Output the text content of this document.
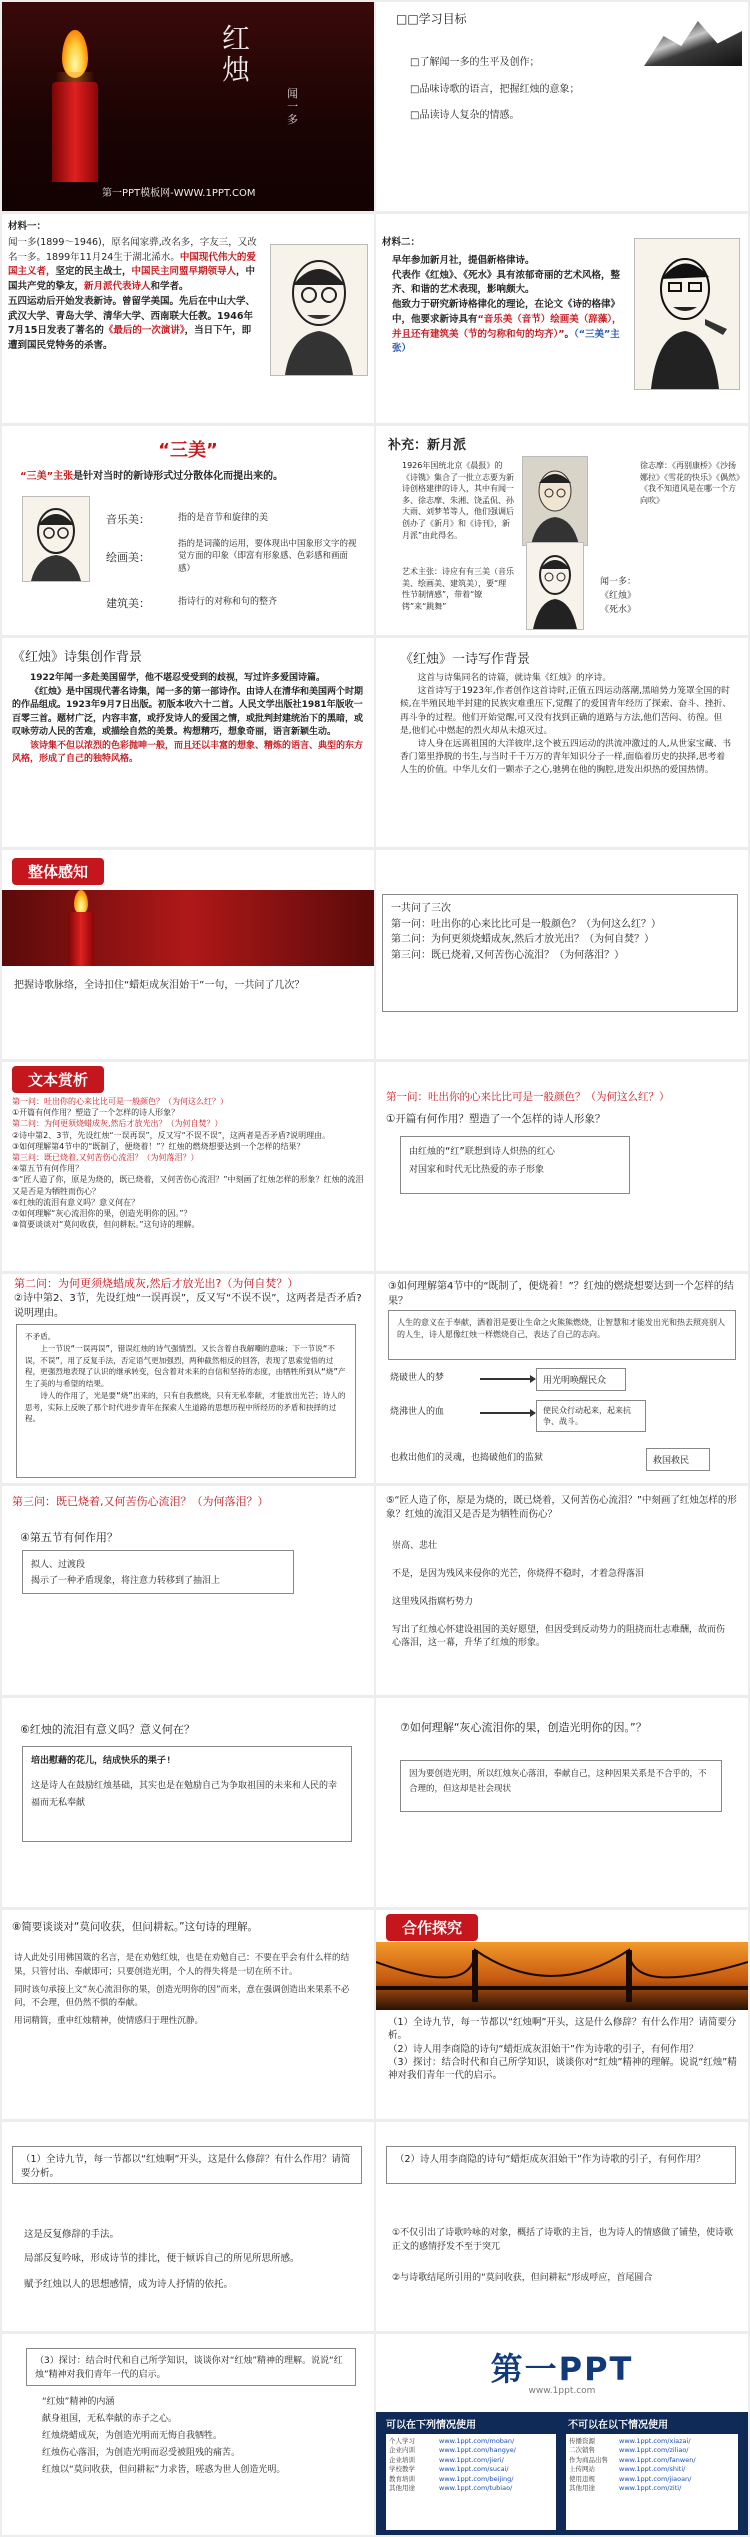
红烛
闻一多
第一PPT模板网-WWW.1PPT.COM
□□学习目标
□了解闻一多的生平及创作；
□品味诗歌的语言，把握红烛的意象；
□品读诗人复杂的情感。
材料一：
闻一多(1899～1946)，原名闻家骅,改名多，字友三，又改名一多。1899年11月24生于湖北浠水。中国现代伟大的爱国主义者，坚定的民主战士，中国民主同盟早期领导人，中国共产党的挚友，新月派代表诗人和学者。
五四运动后开始发表新诗。曾留学美国。先后在中山大学、武汉大学、青岛大学、清华大学、西南联大任教。1946年7月15日发表了著名的《最后的一次演讲》，当日下午，即遭到国民党特务的杀害。
材料二：
早年参加新月社，提倡新格律诗。
代表作《红烛》、《死水》具有浓郁奇丽的艺术风格，整齐、和谐的艺术表现，影响颇大。
他致力于研究新诗格律化的理论，在论文《诗的格律》中，他要求新诗具有“音乐美（音节）绘画美（辞藻），并且还有建筑美（节的匀称和句的均齐）”。（“三美”主张）
聞一多全集
“三美”
“三美”主张是针对当时的新诗形式过分散体化而提出来的。
音乐美：	指的是音节和旋律的美
绘画美：
指的是词藻的运用，要体现出中国象形文字的视觉方面的印象（即富有形象感、色彩感和画面感）
建筑美：	指诗行的对称和句的整齐
补充：新月派
1926年国统北京《晨报》的《诗镌》集合了一批立志要为新诗创格建律的诗人，其中有闻一多、徐志摩、朱湘、饶孟侃、孙大雨、刘梦苇等人，他们强调后创办了《新月》和《诗刊》，新月派”由此得名。
艺术主张：诗应有有三美（音乐美、绘画美、建筑美），要“理性节制情感”，带着“镣铐”来“跳舞”
徐志摩：《再别康桥》《沙扬娜拉》《雪花的快乐》《偶然》《我不知道风是在哪一个方向吹》
闻一多：
《红烛》
《死水》
《红烛》诗集创作背景
1922年闻一多赴美国留学，他不堪忍受受到的歧视，写过许多爱国诗篇。
《红烛》是中国现代著名诗集，闻一多的第一部诗作。由诗人在清华和美国两个时期的作品组成。1923年9月7日出版。初版本收六十二首。人民文学出版社1981年版收一百零三首。题材广泛，内容丰富，或抒发诗人的爱国之情，或批判封建统治下的黑暗，或叹咏劳动人民的苦难，或描绘自然的美景。构想精巧，想象奇丽，语言新颖生动。
该诗集不但以浓烈的色彩抛呻一般，而且还以丰富的想象、精炼的语言、典型的东方风格，形成了自己的独特风格。
《红烛》一诗写作背景
这首与诗集同名的诗篇，就诗集《红烛》的序诗。
这首诗写于1923年,作者创作这首诗时,正值五四运动落潮,黑暗势力笼罩全国的时候,在半殖民地半封建的民族灾难重压下,觉醒了的爱国青年经历了探索、奋斗、挫折、再斗争的过程。他们开始觉醒,可又没有找到正确的道路与方法,他们苦闷、彷徨。但是,他们心中燃起的烈火却从未熄灭过。
诗人身在远离祖国的大洋彼岸,这个被五四运动的洪流冲激过的人,从世家宝藏、书香门第里挣脱的书生,与当时千千万万的青年知识分子一样,面临着历史的抉择,思考着人生的价值。中华儿女们一颗赤子之心,驰骋在他的胸腔,进发出炽热的爱国热情。
整体感知
把握诗歌脉络，全诗扣住“蜡炬成灰泪始干”一句，一共问了几次？
一共问了三次
第一问：吐出你的心来比比可是一般颜色？（为何这么红？）
第二问：为何更须烧蜡成灰,然后才放光出？（为何自焚？）
第三问：既已烧着,又何苦伤心流泪？（为何落泪？）
文本赏析
第一问：吐出你的心来比比可是一般颜色？（为何这么红？）
①开篇有何作用？塑造了一个怎样的诗人形象？
第二问：为何更须烧蜡成灰,然后才放光出？（为何自焚？）
②诗中第2、3节，先设红烛“一误再误”，反又写“不误不误”，这两者是否矛盾?说明理由。
③如何理解第4节中的“既制了，便烧着！”？红烛的燃烧想要达到一个怎样的结果？
第三问：既已烧着,又何苦伤心流泪？（为何落泪？）
④第五节有何作用？
⑤“匠人造了你，原是为烧的，既已烧着，又何苦伤心流泪？”中刻画了红烛怎样的形象？红烛的流泪又是否是为牺牲而伤心？
⑥红烛的流泪有意义吗？意义何在？
⑦如何理解“灰心流泪你的果，创造光明你的因。”？
⑧简要谈谈对“莫问收获，但问耕耘。”这句诗的理解。
第一问：吐出你的心来比比可是一般颜色？（为何这么红？）
①开篇有何作用？塑造了一个怎样的诗人形象？
由红烛的“红”联想到诗人炽热的红心
对国家和时代无比热爱的赤子形象
第二问：为何更须烧蜡成灰,然后才放光出?（为何自焚？）
②诗中第2、3节，先设红烛“一误再误”，反又写“不误不误”，这两者是否矛盾?说明理由。
不矛盾。
上一节说“一误再误”，错误红烛的诗气强情烈。又长含着自我解嘲的意味；下一节说“不误，不误”，用了反复手法，否定语气更加强烈，两种截然相反的回答，表现了思索觉悟的过程，更强烈地表现了认识的继承转变，包含着对未来的自信和坚持的态度，由牺牲所到从“烧”产生了美的与希望的结果。
诗人的作用了，光是要“烧”出来的，只有自我燃烧，只有无私奉献，才能放出光芒；诗人的思考，实际上反映了那个时代进步青年在探索人生道路的思想历程中所经历的矛盾和抉择的过程。
③如何理解第4节中的“既制了，便烧着！”？红烛的燃烧想要达到一个怎样的结果？
人生的意义在于奉献，洒着泪是要让生命之火熊熊燃烧，让智慧和才能发出光和热去照亮别人的人生，诗人愿像红烛一样燃烧自己，表达了自己的志向。
烧破世人的梦	用光明唤醒民众
烧沸世人的血	使民众行动起来，起来抗争、战斗。
也救出他们的灵魂，也捣破他们的监狱	救国救民
第三问：既已烧着,又何苦伤心流泪？（为何落泪？）
④第五节有何作用？
拟人、过渡段
揭示了一种矛盾现象，将注意力转移到了抽泪上
⑤“匠人造了你，原是为烧的，既已烧着，又何苦伤心流泪？”中刻画了红烛怎样的形象？红烛的流泪又是否是为牺牲而伤心？
崇高、悲壮
不是，是因为残风来侵你的光芒，你烧得不稳时，才着急得落泪
这里残风指腐朽势力
写出了红烛心怀建设祖国的美好愿望，但因受到反动势力的阻挠而壮志难酬，故而伤心落泪，这一幕，升华了红烛的形象。
⑥红烛的流泪有意义吗？意义何在？
培出慰藉的花儿，结成快乐的果子!
这是诗人在鼓励红烛基础，其实也是在勉励自己为争取祖国的未来和人民的幸福而无私奉献
⑦如何理解“灰心流泪你的果，创造光明你的因。”？
因为要创造光明，所以红烛灰心落泪，奉献自己，这种因果关系是不合乎的，不合理的，但这却是社会现状
⑧简要谈谈对“莫问收获，但问耕耘。”这句诗的理解。
诗人此处引用佛国箴的名言，是在劝勉红烛，也是在劝勉自己：不要在乎会有什么样的结果，只管付出、奉献即可；只要创造光明，个人的得失将是一切在所不计。
同时该句承接上文“灰心流泪你的果，创造光明你的因”而来，意在强调创造出来果系不必问，不会理，但仍然不惧的奉献。
用词精简，重申红烛精神，使情感归于理性沉静。
合作探究
（1）全诗九节，每一节都以“红烛啊”开头，这是什么修辞？有什么作用？请简要分析。
（2）诗人用李商隐的诗句“蜡炬成灰泪始干”作为诗歌的引子，有何作用？
（3）探讨：结合时代和自己所学知识，谈谈你对“红烛”精神的理解。说说“红烛”精神对我们青年一代的启示。
（1）全诗九节，每一节都以“红烛啊”开头，这是什么修辞？有什么作用？请简要分析。
这是反复修辞的手法。
局部反复吟咏，形成诗节的排比，便于倾诉自己的所见所思所感。
赋予红烛以人的思想感情，成为诗人抒情的依托。
（2）诗人用李商隐的诗句“蜡炬成灰泪始干”作为诗歌的引子，有何作用？
①不仅引出了诗歌吟咏的对象，概括了诗歌的主旨，也为诗人的情感做了铺垫，使诗歌正文的感情抒发不至于突兀
②与诗歌结尾所引用的“莫问收获，但问耕耘”形成呼应，首尾圆合
（3）探讨：结合时代和自己所学知识，谈谈你对“红烛”精神的理解。说说“红烛”精神对我们青年一代的启示。
“红烛”精神的内涵
献身祖国，无私奉献的赤子之心。
红烛烧蜡成灰，为创造光明而无悔自我牺牲。
红烛伤心落泪，为创造光明而忍受被阻残的痛苦。
红烛以“莫问收获，但问耕耘”力求皆，嗟惑为世人创造光明。
第一PPT
www.1ppt.com
可以在下列情况使用	不可以在以下情况使用
个人学习	www.1ppt.com/moban/
企业内训	www.1ppt.com/hangye/
企业培训	www.1ppt.com/jieri/
学校教学	www.1ppt.com/sucai/
教育培训	www.1ppt.com/beijing/
其他用途	www.1ppt.com/tubiao/
传播资源	www.1ppt.com/xiazai/
二次销售	www.1ppt.com/ziliao/
作为商品出售	www.1ppt.com/fanwen/
上传网站	www.1ppt.com/shiti/
使用违规	www.1ppt.com/jiaoan/
其他用途	www.1ppt.com/ziti/
